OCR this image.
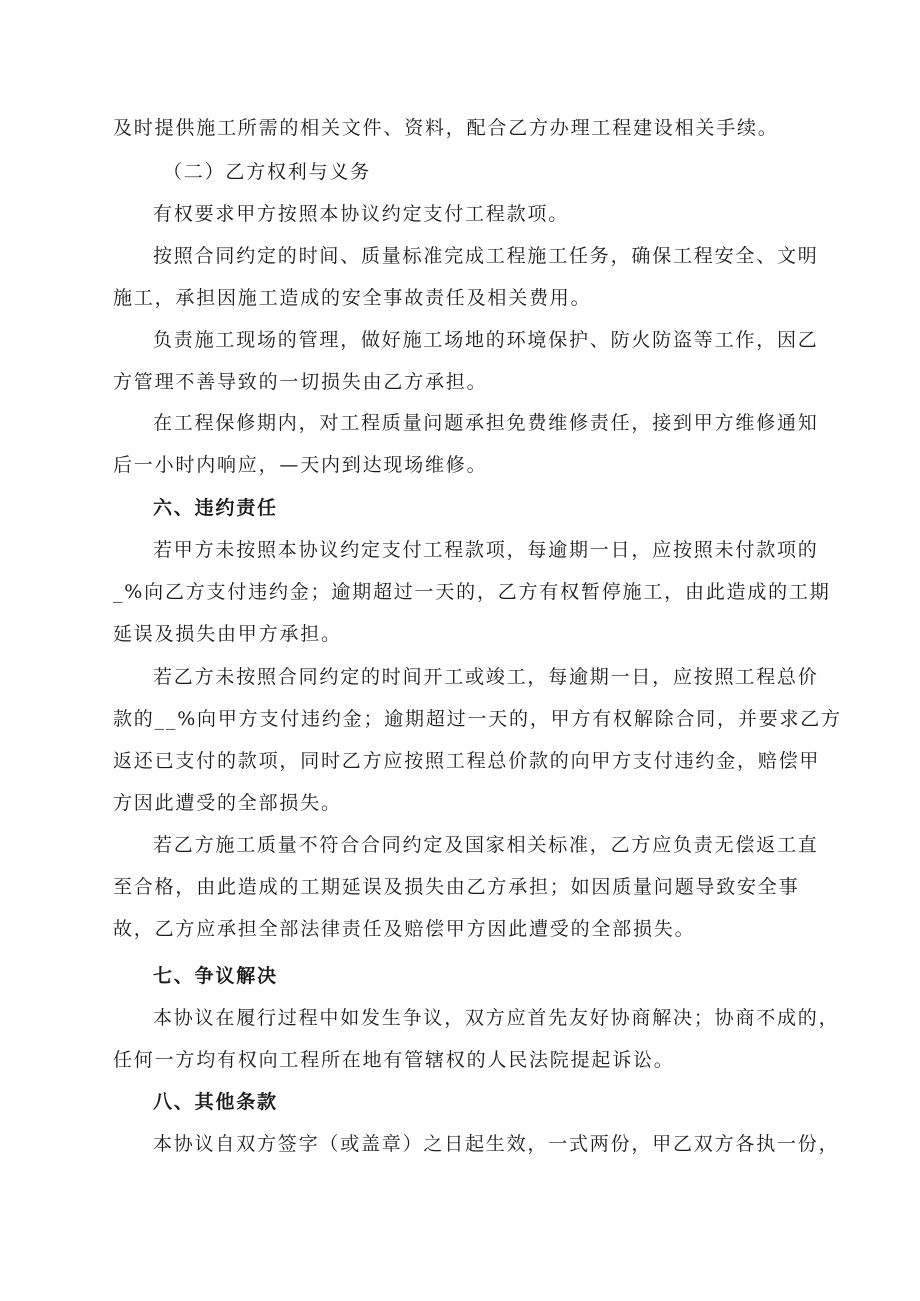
及时提供施工所需的相关文件、资料，配合乙方办理工程建设相关手续。
（二）乙方权利与义务
有权要求甲方按照本协议约定支付工程款项。
按照合同约定的时间、质量标准完成工程施工任务，确保工程安全、文明
施工，承担因施工造成的安全事故责任及相关费用。
负责施工现场的管理，做好施工场地的环境保护、防火防盗等工作，因乙
方管理不善导致的一切损失由乙方承担。
在工程保修期内，对工程质量问题承担免费维修责任，接到甲方维修通知
后一小时内响应，—天内到达现场维修。
六、违约责任
若甲方未按照本协议约定支付工程款项，每逾期一日，应按照未付款项的
_%向乙方支付违约金；逾期超过一天的，乙方有权暂停施工，由此造成的工期
延误及损失由甲方承担。
若乙方未按照合同约定的时间开工或竣工，每逾期一日，应按照工程总价
款的__%向甲方支付违约金；逾期超过一天的，甲方有权解除合同，并要求乙方
返还已支付的款项，同时乙方应按照工程总价款的向甲方支付违约金，赔偿甲
方因此遭受的全部损失。
若乙方施工质量不符合合同约定及国家相关标准，乙方应负责无偿返工直
至合格，由此造成的工期延误及损失由乙方承担；如因质量问题导致安全事
故，乙方应承担全部法律责任及赔偿甲方因此遭受的全部损失。
七、争议解决
本协议在履行过程中如发生争议，双方应首先友好协商解决；协商不成的，
任何一方均有权向工程所在地有管辖权的人民法院提起诉讼。
八、其他条款
本协议自双方签字（或盖章）之日起生效，一式两份，甲乙双方各执一份，
